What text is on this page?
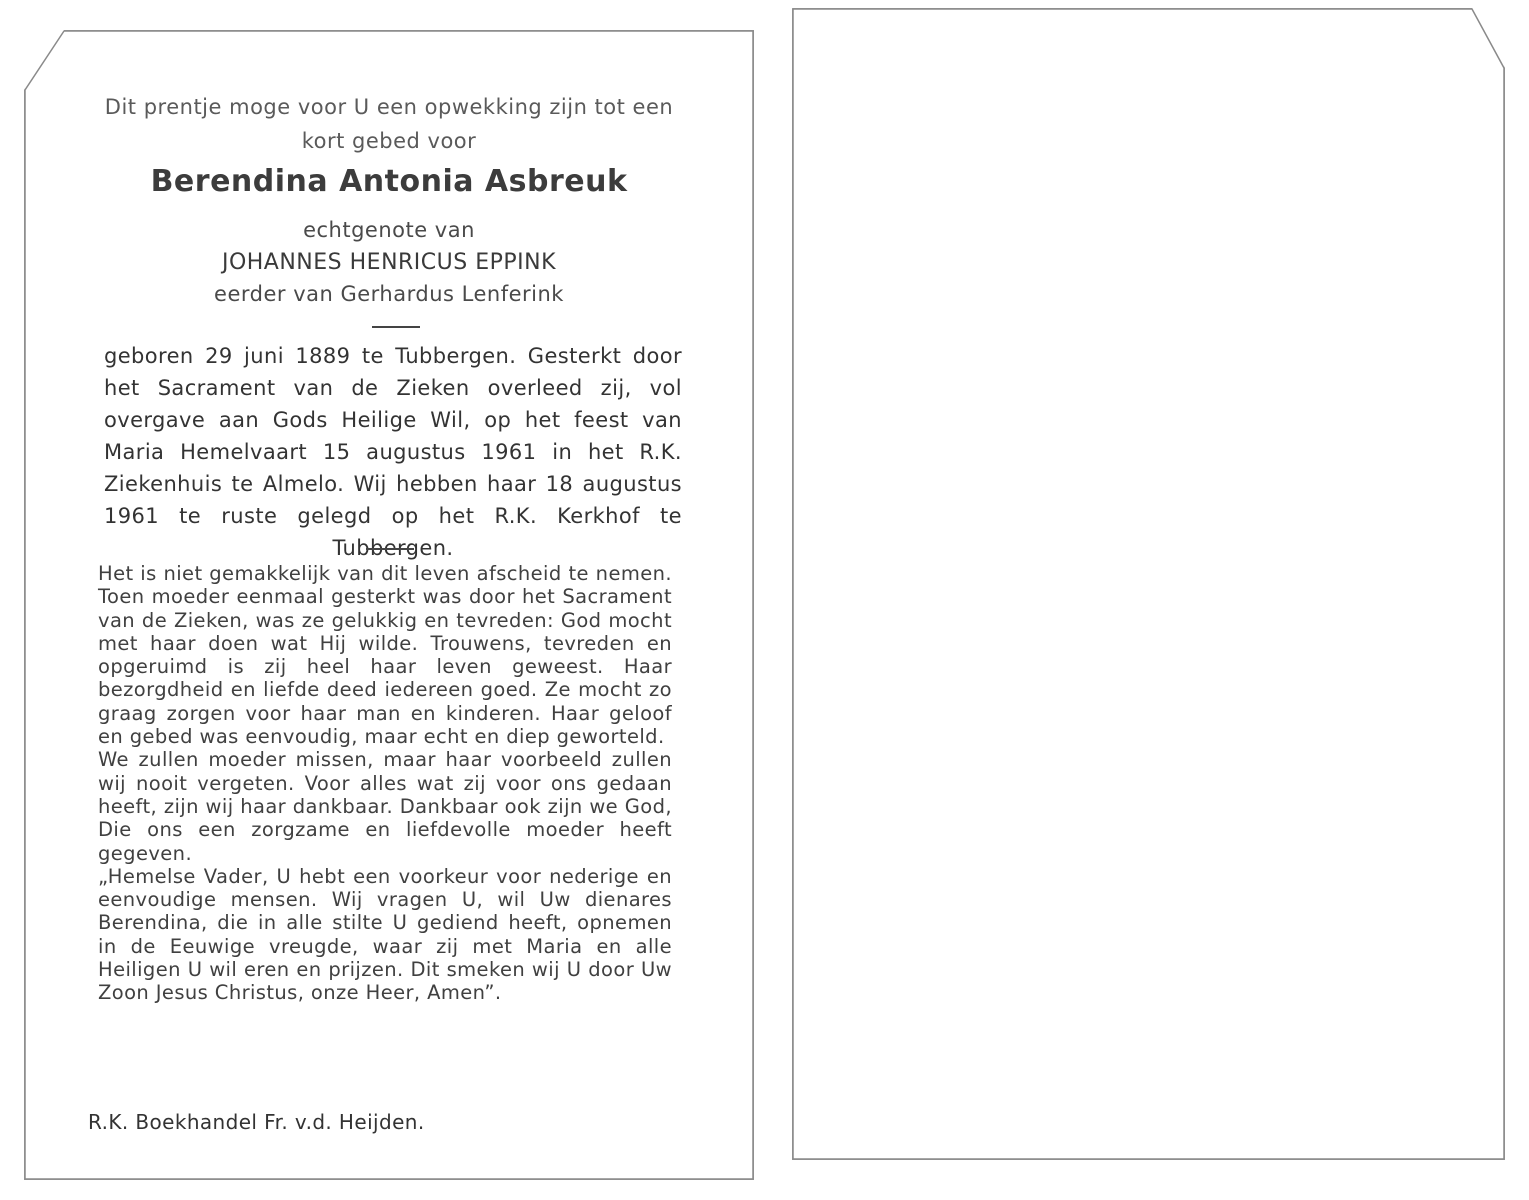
Dit prentje moge voor U een opwekking zijn tot een kort gebed voor

Berendina Antonia Asbreuk

echtgenote van

JOHANNES HENRICUS EPPINK

eerder van Gerhardus Lenferink

geboren 29 juni 1889 te Tubbergen. Gesterkt door het Sacrament van de Zieken overleed zij, vol overgave aan Gods Heilige Wil, op het feest van Maria Hemelvaart 15 augustus 1961 in het R.K. Ziekenhuis te Almelo. Wij hebben haar 18 augustus 1961 te ruste gelegd op het R.K. Kerkhof te Tubbergen.

Het is niet gemakkelijk van dit leven afscheid te nemen. Toen moeder eenmaal gesterkt was door het Sacrament van de Zieken, was ze gelukkig en tevreden: God mocht met haar doen wat Hij wilde. Trouwens, tevreden en opgeruimd is zij heel haar leven geweest. Haar bezorgdheid en liefde deed iedereen goed. Ze mocht zo graag zorgen voor haar man en kinderen. Haar geloof en gebed was eenvoudig, maar echt en diep geworteld.

We zullen moeder missen, maar haar voorbeeld zullen wij nooit vergeten. Voor alles wat zij voor ons gedaan heeft, zijn wij haar dankbaar. Dankbaar ook zijn we God, Die ons een zorgzame en liefdevolle moeder heeft gegeven.

„Hemelse Vader, U hebt een voorkeur voor nederige en eenvoudige mensen. Wij vragen U, wil Uw dienares Berendina, die in alle stilte U gediend heeft, opnemen in de Eeuwige vreugde, waar zij met Maria en alle Heiligen U wil eren en prijzen. Dit smeken wij U door Uw Zoon Jesus Christus, onze Heer, Amen”.

R.K. Boekhandel Fr. v.d. Heijden.
